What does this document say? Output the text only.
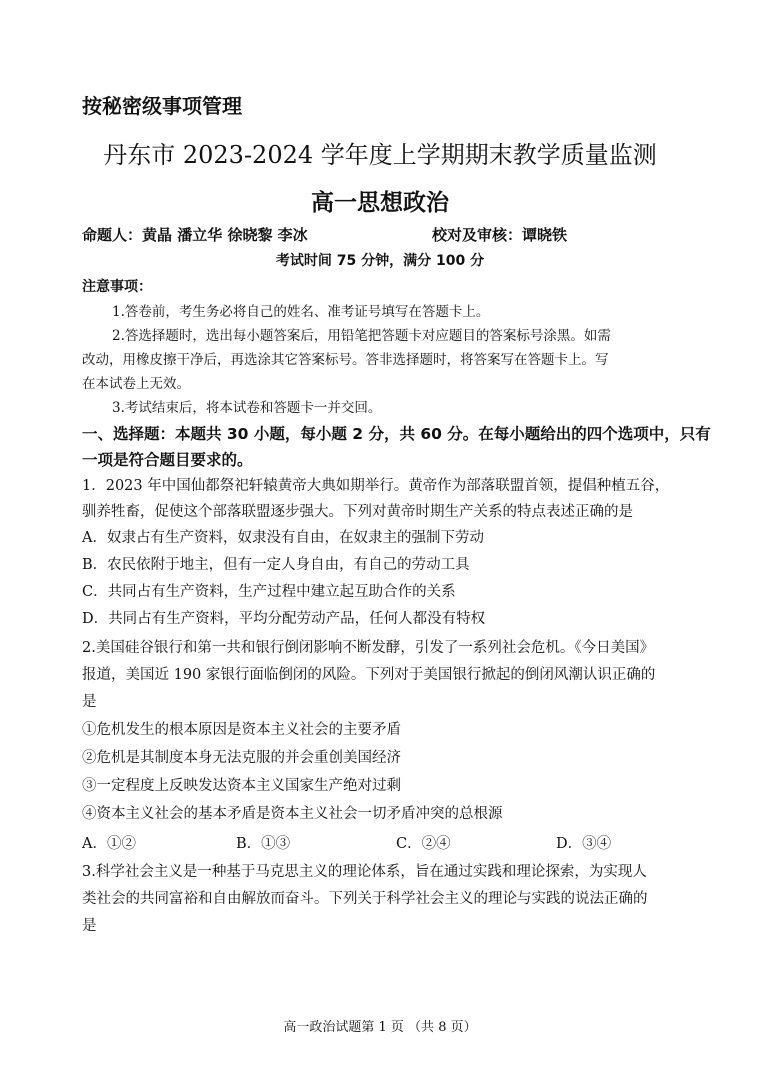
按秘密级事项管理
丹东市 2023-2024 学年度上学期期末教学质量监测
高一思想政治
命题人：黄晶 潘立华 徐晓黎 李冰	校对及审核：谭晓铁
考试时间 75 分钟，满分 100 分
注意事项：
1.答卷前，考生务必将自己的姓名、准考证号填写在答题卡上。
2.答选择题时，选出每小题答案后，用铅笔把答题卡对应题目的答案标号涂黑。如需
改动，用橡皮擦干净后，再选涂其它答案标号。答非选择题时，将答案写在答题卡上。写
在本试卷上无效。
3.考试结束后，将本试卷和答题卡一并交回。
一、选择题：本题共 30 小题，每小题 2 分，共 60 分。在每小题给出的四个选项中，只有
一项是符合题目要求的。
1．2023 年中国仙都祭祀轩辕黄帝大典如期举行。黄帝作为部落联盟首领，提倡种植五谷，
驯养牲畜，促使这个部落联盟逐步强大。下列对黄帝时期生产关系的特点表述正确的是
A．奴隶占有生产资料，奴隶没有自由，在奴隶主的强制下劳动
B．农民依附于地主，但有一定人身自由，有自己的劳动工具
C．共同占有生产资料，生产过程中建立起互助合作的关系
D．共同占有生产资料，平均分配劳动产品，任何人都没有特权
2.美国硅谷银行和第一共和银行倒闭影响不断发酵，引发了一系列社会危机。《今日美国》
报道，美国近 190 家银行面临倒闭的风险。下列对于美国银行掀起的倒闭风潮认识正确的
是
①危机发生的根本原因是资本主义社会的主要矛盾
②危机是其制度本身无法克服的并会重创美国经济
③一定程度上反映发达资本主义国家生产绝对过剩
④资本主义社会的基本矛盾是资本主义社会一切矛盾冲突的总根源
A．①②	B．①③	C．②④	D．③④
3.科学社会主义是一种基于马克思主义的理论体系，旨在通过实践和理论探索，为实现人
类社会的共同富裕和自由解放而奋斗。下列关于科学社会主义的理论与实践的说法正确的
是
高一政治试题第 1 页 （共 8 页）
